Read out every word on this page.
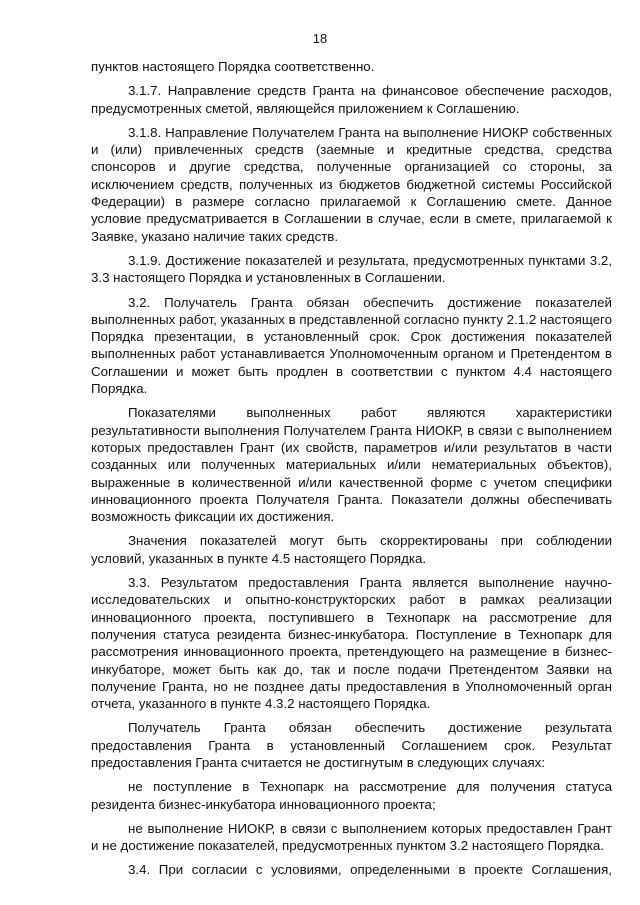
18

пунктов настоящего Порядка соответственно.

3.1.7. Направление средств Гранта на финансовое обеспечение расходов, предусмотренных сметой, являющейся приложением к Соглашению.

3.1.8. Направление Получателем Гранта на выполнение НИОКР собственных и (или) привлеченных средств (заемные и кредитные средства, средства спонсоров и другие средства, полученные организацией со стороны, за исключением средств, полученных из бюджетов бюджетной системы Российской Федерации) в размере согласно прилагаемой к Соглашению смете. Данное условие предусматривается в Соглашении в случае, если в смете, прилагаемой к Заявке, указано наличие таких средств.

3.1.9. Достижение показателей и результата, предусмотренных пунктами 3.2, 3.3 настоящего Порядка и установленных в Соглашении.

3.2. Получатель Гранта обязан обеспечить достижение показателей выполненных работ, указанных в представленной согласно пункту 2.1.2 настоящего Порядка презентации, в установленный срок. Срок достижения показателей выполненных работ устанавливается Уполномоченным органом и Претендентом в Соглашении и может быть продлен в соответствии с пунктом 4.4 настоящего Порядка.

Показателями выполненных работ являются характеристики результативности выполнения Получателем Гранта НИОКР, в связи с выполнением которых предоставлен Грант (их свойств, параметров и/или результатов в части созданных или полученных материальных и/или нематериальных объектов), выраженные в количественной и/или качественной форме с учетом специфики инновационного проекта Получателя Гранта. Показатели должны обеспечивать возможность фиксации их достижения.

Значения показателей могут быть скорректированы при соблюдении условий, указанных в пункте 4.5 настоящего Порядка.

3.3. Результатом предоставления Гранта является выполнение научно-исследовательских и опытно-конструкторских работ в рамках реализации инновационного проекта, поступившего в Технопарк на рассмотрение для получения статуса резидента бизнес-инкубатора. Поступление в Технопарк для рассмотрения инновационного проекта, претендующего на размещение в бизнес-инкубаторе, может быть как до, так и после подачи Претендентом Заявки на получение Гранта, но не позднее даты предоставления в Уполномоченный орган отчета, указанного в пункте 4.3.2 настоящего Порядка.

Получатель Гранта обязан обеспечить достижение результата предоставления Гранта в установленный Соглашением срок. Результат предоставления Гранта считается не достигнутым в следующих случаях:

не поступление в Технопарк на рассмотрение для получения статуса резидента бизнес-инкубатора инновационного проекта;

не выполнение НИОКР, в связи с выполнением которых предоставлен Грант и не достижение показателей, предусмотренных пунктом 3.2 настоящего Порядка.

3.4. При согласии с условиями, определенными в проекте Соглашения,
